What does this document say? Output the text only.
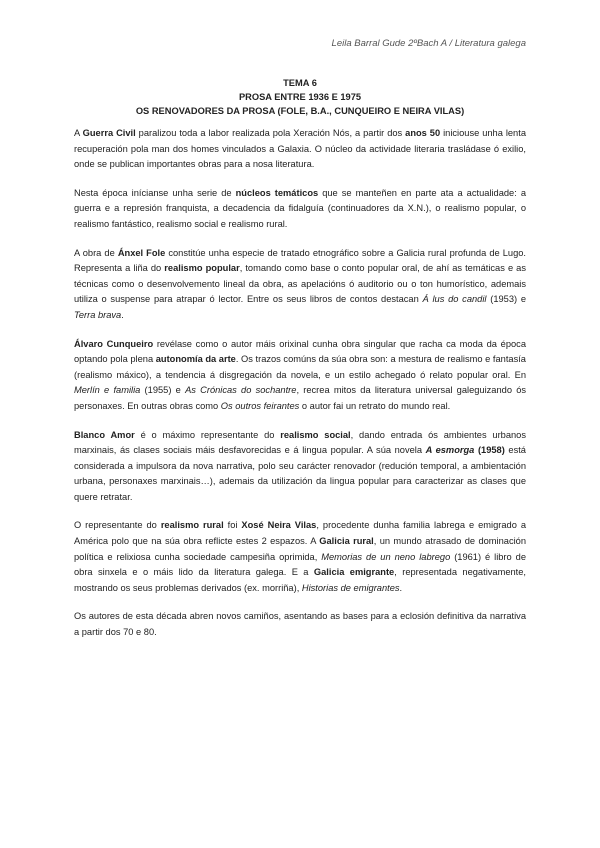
Leila Barral Gude 2ºBach A / Literatura galega
TEMA 6
PROSA ENTRE 1936 E 1975
OS RENOVADORES DA PROSA (FOLE, B.A., CUNQUEIRO E NEIRA VILAS)

A Guerra Civil paralizou toda a labor realizada pola Xeración Nós, a partir dos anos 50 iniciouse unha lenta recuperación pola man dos homes vinculados a Galaxia. O núcleo da actividade literaria trasládase ó exilio, onde se publican importantes obras para a nosa literatura.

Nesta época inícianse unha serie de núcleos temáticos que se manteñen en parte ata a actualidade: a guerra e a represión franquista, a decadencia da fidalguía (continuadores da X.N.), o realismo popular, o realismo fantástico, realismo social e realismo rural.

A obra de Ánxel Fole constitúe unha especie de tratado etnográfico sobre a Galicia rural profunda de Lugo. Representa a liña do realismo popular, tomando como base o conto popular oral, de ahí as temáticas e as técnicas como o desenvolvemento lineal da obra, as apelacións ó auditorio ou o ton humorístico, ademais utiliza o suspense para atrapar ó lector. Entre os seus libros de contos destacan Á lus do candil (1953) e Terra brava.

Álvaro Cunqueiro revélase como o autor máis orixinal cunha obra singular que racha ca moda da época optando pola plena autonomía da arte. Os trazos comúns da súa obra son: a mestura de realismo e fantasía (realismo máxico), a tendencia á disgregación da novela, e un estilo achegado ó relato popular oral. En Merlín e familia (1955) e As Crónicas do sochantre, recrea mitos da literatura universal galeguizando ós personaxes. En outras obras como Os outros feirantes o autor fai un retrato do mundo real.

Blanco Amor é o máximo representante do realismo social, dando entrada ós ambientes urbanos marxinais, ás clases sociais máis desfavorecidas e á lingua popular. A súa novela A esmorga (1958) está considerada a impulsora da nova narrativa, polo seu carácter renovador (redución temporal, a ambientación urbana, personaxes marxinais…), ademais da utilización da lingua popular para caracterizar as clases que quere retratar.

O representante do realismo rural foi Xosé Neira Vilas, procedente dunha familia labrega e emigrado a América polo que na súa obra reflicte estes 2 espazos. A Galicia rural, un mundo atrasado de dominación política e relixiosa cunha sociedade campesiña oprimida, Memorias de un neno labrego (1961) é libro de obra sinxela e o máis lido da literatura galega. E a Galicia emigrante, representada negativamente, mostrando os seus problemas derivados (ex. morriña), Historias de emigrantes.

Os autores de esta década abren novos camiños, asentando as bases para a eclosión definitiva da narrativa a partir dos 70 e 80.
